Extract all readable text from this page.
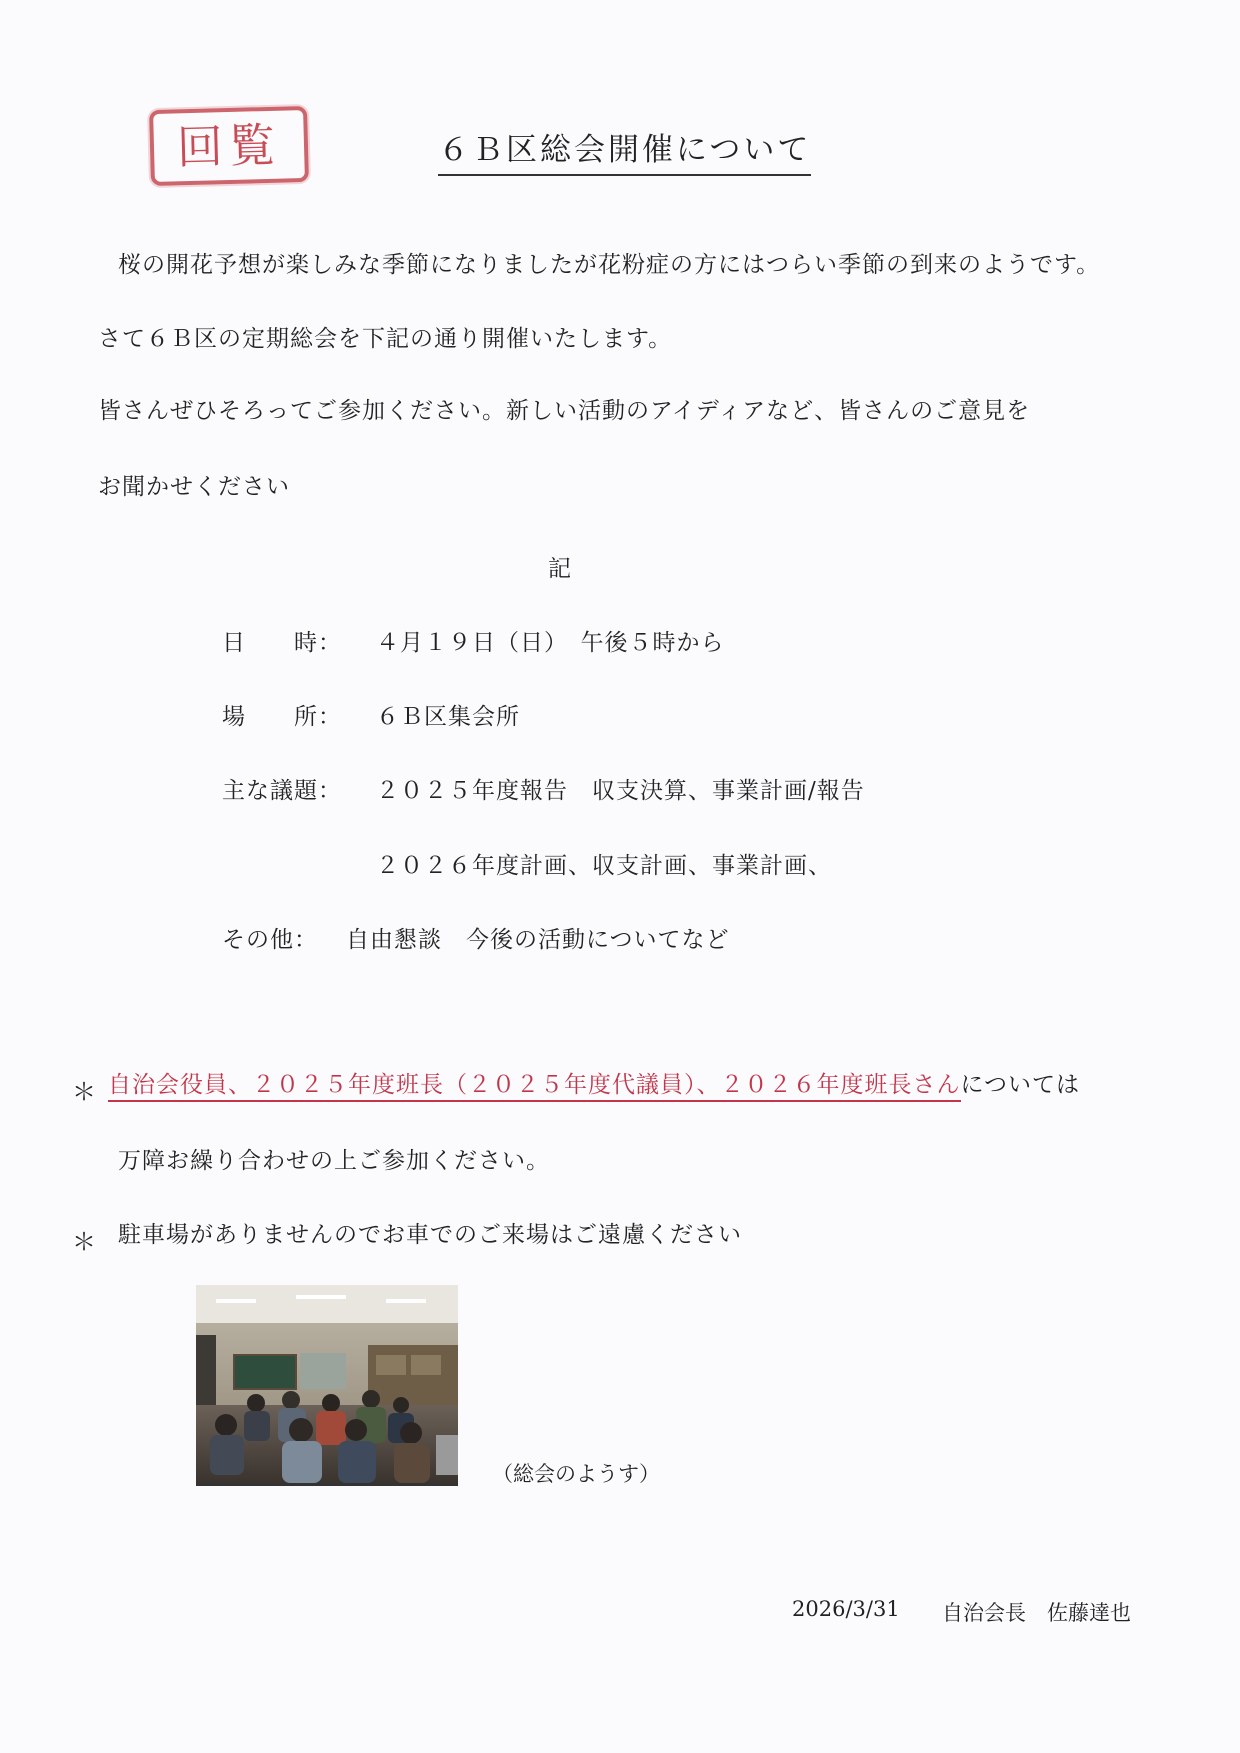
回覧	６Ｂ区総会開催について
桜の開花予想が楽しみな季節になりましたが花粉症の方にはつらい季節の到来のようです。
さて６Ｂ区の定期総会を下記の通り開催いたします。
皆さんぜひそろってご参加ください。新しい活動のアイディアなど、皆さんのご意見を
お聞かせください
記
日　　時： ４月１９日（日）　午後５時から
場　　所： ６Ｂ区集会所
主な議題： ２０２５年度報告　収支決算、事業計画/報告
２０２６年度計画、収支計画、事業計画、
その他： 自由懇談　今後の活動についてなど
＊ 自治会役員、２０２５年度班長（２０２５年度代議員）、２０２６年度班長さんについては
万障お繰り合わせの上ご参加ください。
＊ 駐車場がありませんのでお車でのご来場はご遠慮ください
（総会のようす）
2026/3/31 自治会長　佐藤達也
